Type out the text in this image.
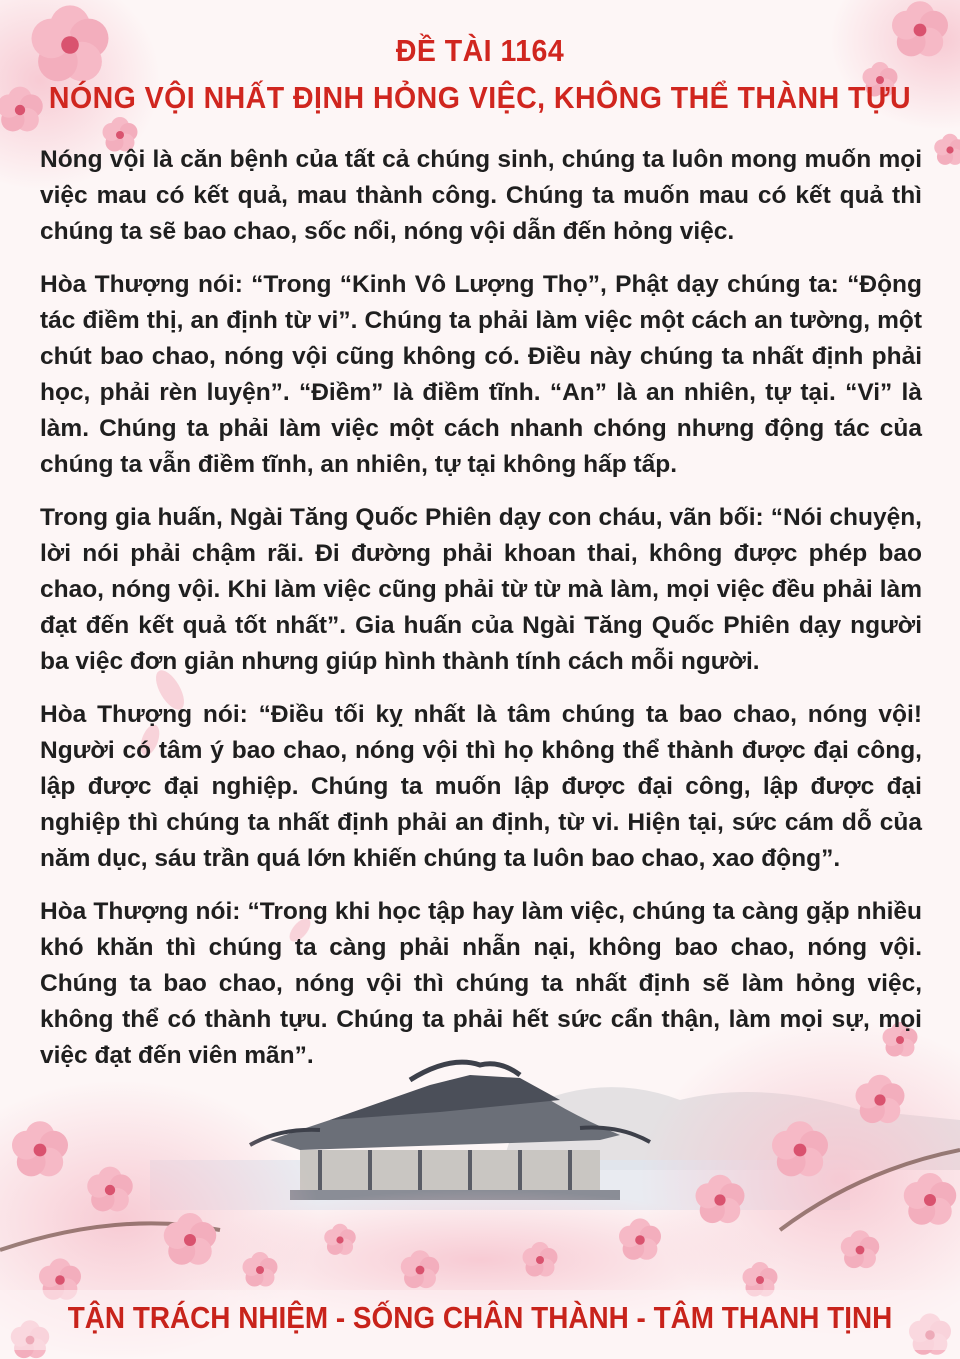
ĐỀ TÀI 1164
NÓNG VỘI NHẤT ĐỊNH HỎNG VIỆC, KHÔNG THỂ THÀNH TỰU

Nóng vội là căn bệnh của tất cả chúng sinh, chúng ta luôn mong muốn mọi việc mau có kết quả, mau thành công. Chúng ta muốn mau có kết quả thì chúng ta sẽ bao chao, sốc nổi, nóng vội dẫn đến hỏng việc.

Hòa Thượng nói: “Trong “Kinh Vô Lượng Thọ”, Phật dạy chúng ta: “Động tác điềm thị, an định từ vi”. Chúng ta phải làm việc một cách an tường, một chút bao chao, nóng vội cũng không có. Điều này chúng ta nhất định phải học, phải rèn luyện”. “Điềm” là điềm tĩnh. “An” là an nhiên, tự tại. “Vi” là làm. Chúng ta phải làm việc một cách nhanh chóng nhưng động tác của chúng ta vẫn điềm tĩnh, an nhiên, tự tại không hấp tấp.

Trong gia huấn, Ngài Tăng Quốc Phiên dạy con cháu, vãn bối: “Nói chuyện, lời nói phải chậm rãi. Đi đường phải khoan thai, không được phép bao chao, nóng vội. Khi làm việc cũng phải từ từ mà làm, mọi việc đều phải làm đạt đến kết quả tốt nhất”. Gia huấn của Ngài Tăng Quốc Phiên dạy người ba việc đơn giản nhưng giúp hình thành tính cách mỗi người.

Hòa Thượng nói: “Điều tối kỵ nhất là tâm chúng ta bao chao, nóng vội! Người có tâm ý bao chao, nóng vội thì họ không thể thành được đại công, lập được đại nghiệp. Chúng ta muốn lập được đại công, lập được đại nghiệp thì chúng ta nhất định phải an định, từ vi. Hiện tại, sức cám dỗ của năm dục, sáu trần quá lớn khiến chúng ta luôn bao chao, xao động”.

Hòa Thượng nói: “Trong khi học tập hay làm việc, chúng ta càng gặp nhiều khó khăn thì chúng ta càng phải nhẫn nại, không bao chao, nóng vội. Chúng ta bao chao, nóng vội thì chúng ta nhất định sẽ làm hỏng việc, không thể có thành tựu. Chúng ta phải hết sức cẩn thận, làm mọi sự, mọi việc đạt đến viên mãn”.

TẬN TRÁCH NHIỆM - SỐNG CHÂN THÀNH - TÂM THANH TỊNH
